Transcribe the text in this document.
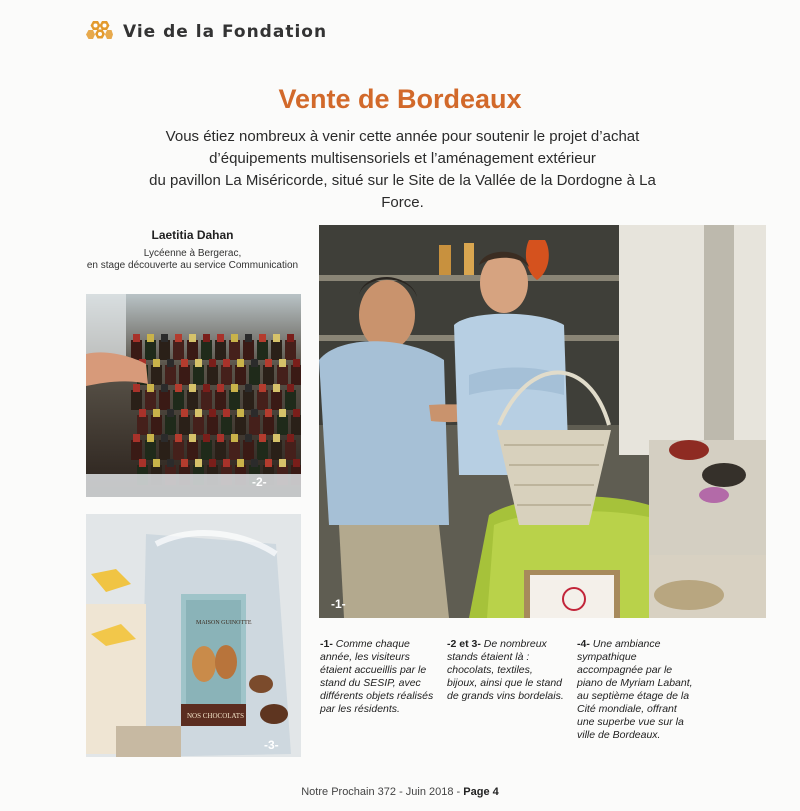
Vie de la Fondation
Vente de Bordeaux
Vous étiez nombreux à venir cette année pour soutenir le projet d’achat
d’équipements multisensoriels et l’aménagement extérieur
du pavillon La Miséricorde, situé sur le Site de la Vallée de la Dordogne à La Force.
Laetitia Dahan
Lycéenne à Bergerac,
en stage découverte au service Communication
-2-
MAISON GUINOTTE
NOS CHOCOLATS
-3-
-1-
-1- Comme chaque année, les visiteurs étaient accueillis par le stand du SESIP, avec différents objets réalisés par les résidents.
-2 et 3- De nombreux stands étaient là : chocolats, textiles, bijoux, ainsi que le stand de grands vins bordelais.
-4- Une ambiance sympathique accompagnée par le piano de Myriam Labant, au septième étage de la Cité mondiale, offrant une superbe vue sur la ville de Bordeaux.
Notre Prochain 372 - Juin 2018 - Page 4
